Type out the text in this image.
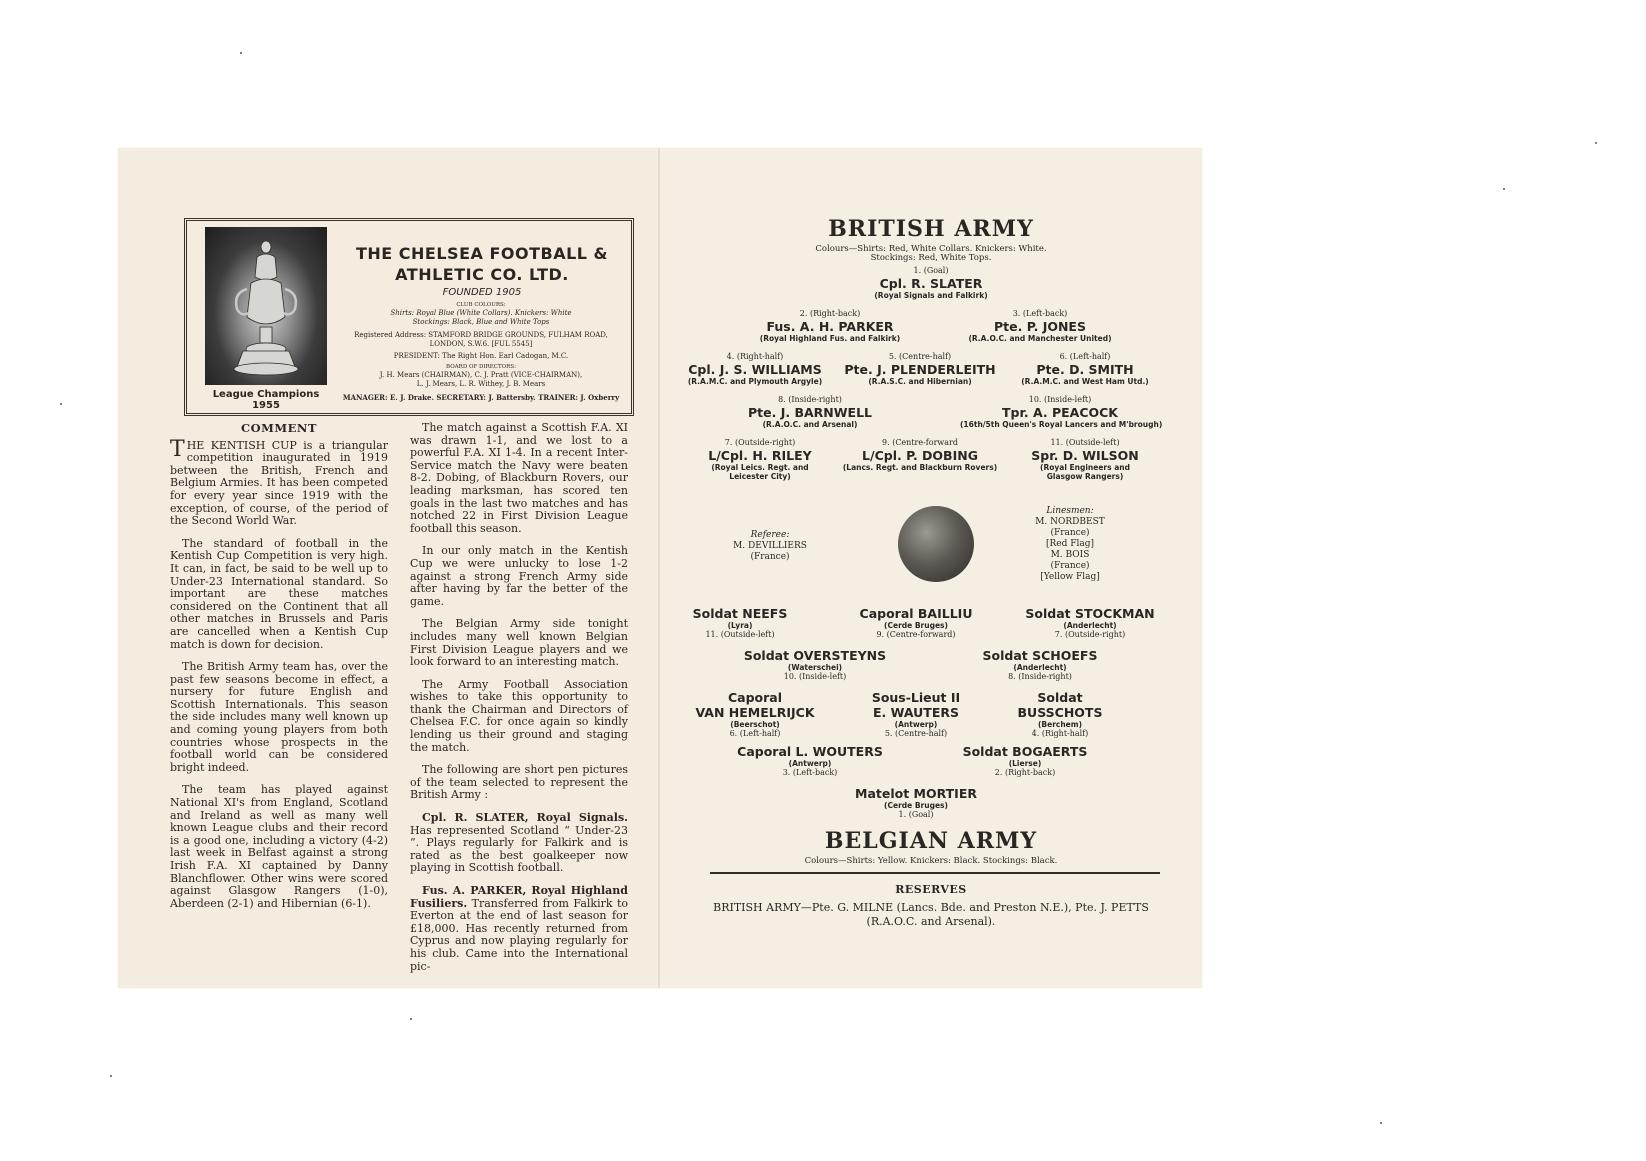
League Champions 1955
THE CHELSEA FOOTBALL &
ATHLETIC CO. LTD.
FOUNDED 1905
CLUB COLOURS:
Shirts: Royal Blue (White Collars). Knickers: White
Stockings: Black, Blue and White Tops
Registered Address: STAMFORD BRIDGE GROUNDS, FULHAM ROAD,
LONDON, S.W.6. [FUL 5545]
PRESIDENT: The Right Hon. Earl Cadogan, M.C.
BOARD OF DIRECTORS:
J. H. Mears (CHAIRMAN), C. J. Pratt (VICE-CHAIRMAN),
L. J. Mears, L. R. Withey, J. B. Mears
MANAGER: E. J. Drake. SECRETARY: J. Battersby. TRAINER: J. Oxberry
COMMENT

THE KENTISH CUP is a triangular competition inaugurated in 1919 between the British, French and Belgium Armies. It has been competed for every year since 1919 with the exception, of course, of the period of the Second World War.

The standard of football in the Kentish Cup Competition is very high. It can, in fact, be said to be well up to Under-23 International standard. So important are these matches considered on the Continent that all other matches in Brussels and Paris are cancelled when a Kentish Cup match is down for decision.

The British Army team has, over the past few seasons become in effect, a nursery for future English and Scottish Internationals. This season the side includes many well known up and coming young players from both countries whose prospects in the football world can be considered bright indeed.

The team has played against National XI's from England, Scotland and Ireland as well as many well known League clubs and their record is a good one, including a victory (4-2) last week in Belfast against a strong Irish F.A. XI captained by Danny Blanchflower. Other wins were scored against Glasgow Rangers (1-0), Aberdeen (2-1) and Hibernian (6-1).

The match against a Scottish F.A. XI was drawn 1-1, and we lost to a powerful F.A. XI 1-4. In a recent Inter-Service match the Navy were beaten 8-2. Dobing, of Blackburn Rovers, our leading marksman, has scored ten goals in the last two matches and has notched 22 in First Division League football this season.

In our only match in the Kentish Cup we were unlucky to lose 1-2 against a strong French Army side after having by far the better of the game.

The Belgian Army side tonight includes many well known Belgian First Division League players and we look forward to an interesting match.

The Army Football Association wishes to take this opportunity to thank the Chairman and Directors of Chelsea F.C. for once again so kindly lending us their ground and staging the match.

The following are short pen pictures of the team selected to represent the British Army :

Cpl. R. SLATER, Royal Signals. Has represented Scotland “ Under-23 ”. Plays regularly for Falkirk and is rated as the best goalkeeper now playing in Scottish football.

Fus. A. PARKER, Royal Highland Fusiliers. Transferred from Falkirk to Everton at the end of last season for £18,000. Has recently returned from Cyprus and now playing regularly for his club. Came into the International pic-

BRITISH ARMY
Colours—Shirts: Red, White Collars. Knickers: White.
Stockings: Red, White Tops.
1. (Goal)
Cpl. R. SLATER
(Royal Signals and Falkirk)
2. (Right-back)
Fus. A. H. PARKER
(Royal Highland Fus. and Falkirk)
3. (Left-back)
Pte. P. JONES
(R.A.O.C. and Manchester United)
4. (Right-half)
Cpl. J. S. WILLIAMS
(R.A.M.C. and Plymouth Argyle)
5. (Centre-half)
Pte. J. PLENDERLEITH
(R.A.S.C. and Hibernian)
6. (Left-half)
Pte. D. SMITH
(R.A.M.C. and West Ham Utd.)
8. (Inside-right)
Pte. J. BARNWELL
(R.A.O.C. and Arsenal)
10. (Inside-left)
Tpr. A. PEACOCK
(16th/5th Queen's Royal Lancers and M'brough)
7. (Outside-right)
L/Cpl. H. RILEY
(Royal Leics. Regt. and
Leicester City)
9. (Centre-forward
L/Cpl. P. DOBING
(Lancs. Regt. and Blackburn Rovers)
11. (Outside-left)
Spr. D. WILSON
(Royal Engineers and
Glasgow Rangers)
Referee:
M. DEVILLIERS
(France)
Linesmen:
M. NORDBEST
(France)
[Red Flag]
M. BOIS
(France)
[Yellow Flag]
Soldat NEEFS
(Lyra)
11. (Outside-left)
Caporal BAILLIU
(Cerde Bruges)
9. (Centre-forward)
Soldat STOCKMAN
(Anderlecht)
7. (Outside-right)
Soldat OVERSTEYNS
(Waterschei)
10. (Inside-left)
Soldat SCHOEFS
(Anderlecht)
8. (Inside-right)
Caporal
VAN HEMELRIJCK
(Beerschot)
6. (Left-half)
Sous-Lieut II
E. WAUTERS
(Antwerp)
5. (Centre-half)
Soldat
BUSSCHOTS
(Berchem)
4. (Right-half)
Caporal L. WOUTERS
(Antwerp)
3. (Left-back)
Soldat BOGAERTS
(Lierse)
2. (Right-back)
Matelot MORTIER
(Cerde Bruges)
1. (Goal)
BELGIAN ARMY
Colours—Shirts: Yellow. Knickers: Black. Stockings: Black.
RESERVES
BRITISH ARMY—Pte. G. MILNE (Lancs. Bde. and Preston N.E.), Pte. J. PETTS
(R.A.O.C. and Arsenal).
